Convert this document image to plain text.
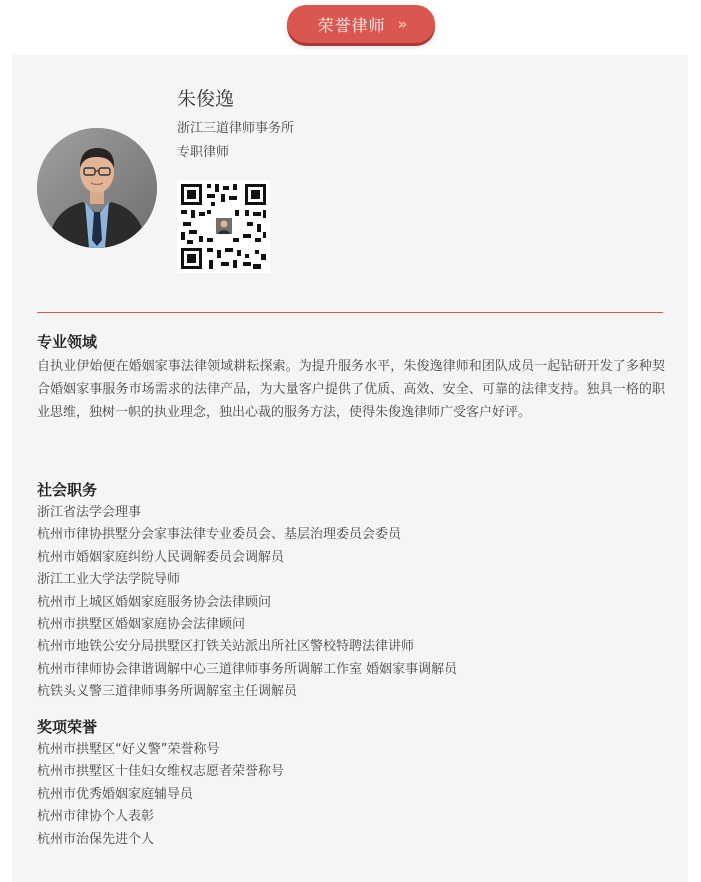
荣誉律师 »
朱俊逸
浙江三道律师事务所
专职律师
专业领域
自执业伊始便在婚姻家事法律领域耕耘探索。为提升服务水平，朱俊逸律师和团队成员一起钻研开发了多种契合婚姻家事服务市场需求的法律产品，为大量客户提供了优质、高效、安全、可靠的法律支持。独具一格的职业思维，独树一帜的执业理念，独出心裁的服务方法，使得朱俊逸律师广受客户好评。
社会职务
浙江省法学会理事
杭州市律协拱墅分会家事法律专业委员会、基层治理委员会委员
杭州市婚姻家庭纠纷人民调解委员会调解员
浙江工业大学法学院导师
杭州市上城区婚姻家庭服务协会法律顾问
杭州市拱墅区婚姻家庭协会法律顾问
杭州市地铁公安分局拱墅区打铁关站派出所社区警校特聘法律讲师
杭州市律师协会律谐调解中心三道律师事务所调解工作室 婚姻家事调解员
杭铁头义警三道律师事务所调解室主任调解员
奖项荣誉
杭州市拱墅区“好义警”荣誉称号
杭州市拱墅区十佳妇女维权志愿者荣誉称号
杭州市优秀婚姻家庭辅导员
杭州市律协个人表彰
杭州市治保先进个人
